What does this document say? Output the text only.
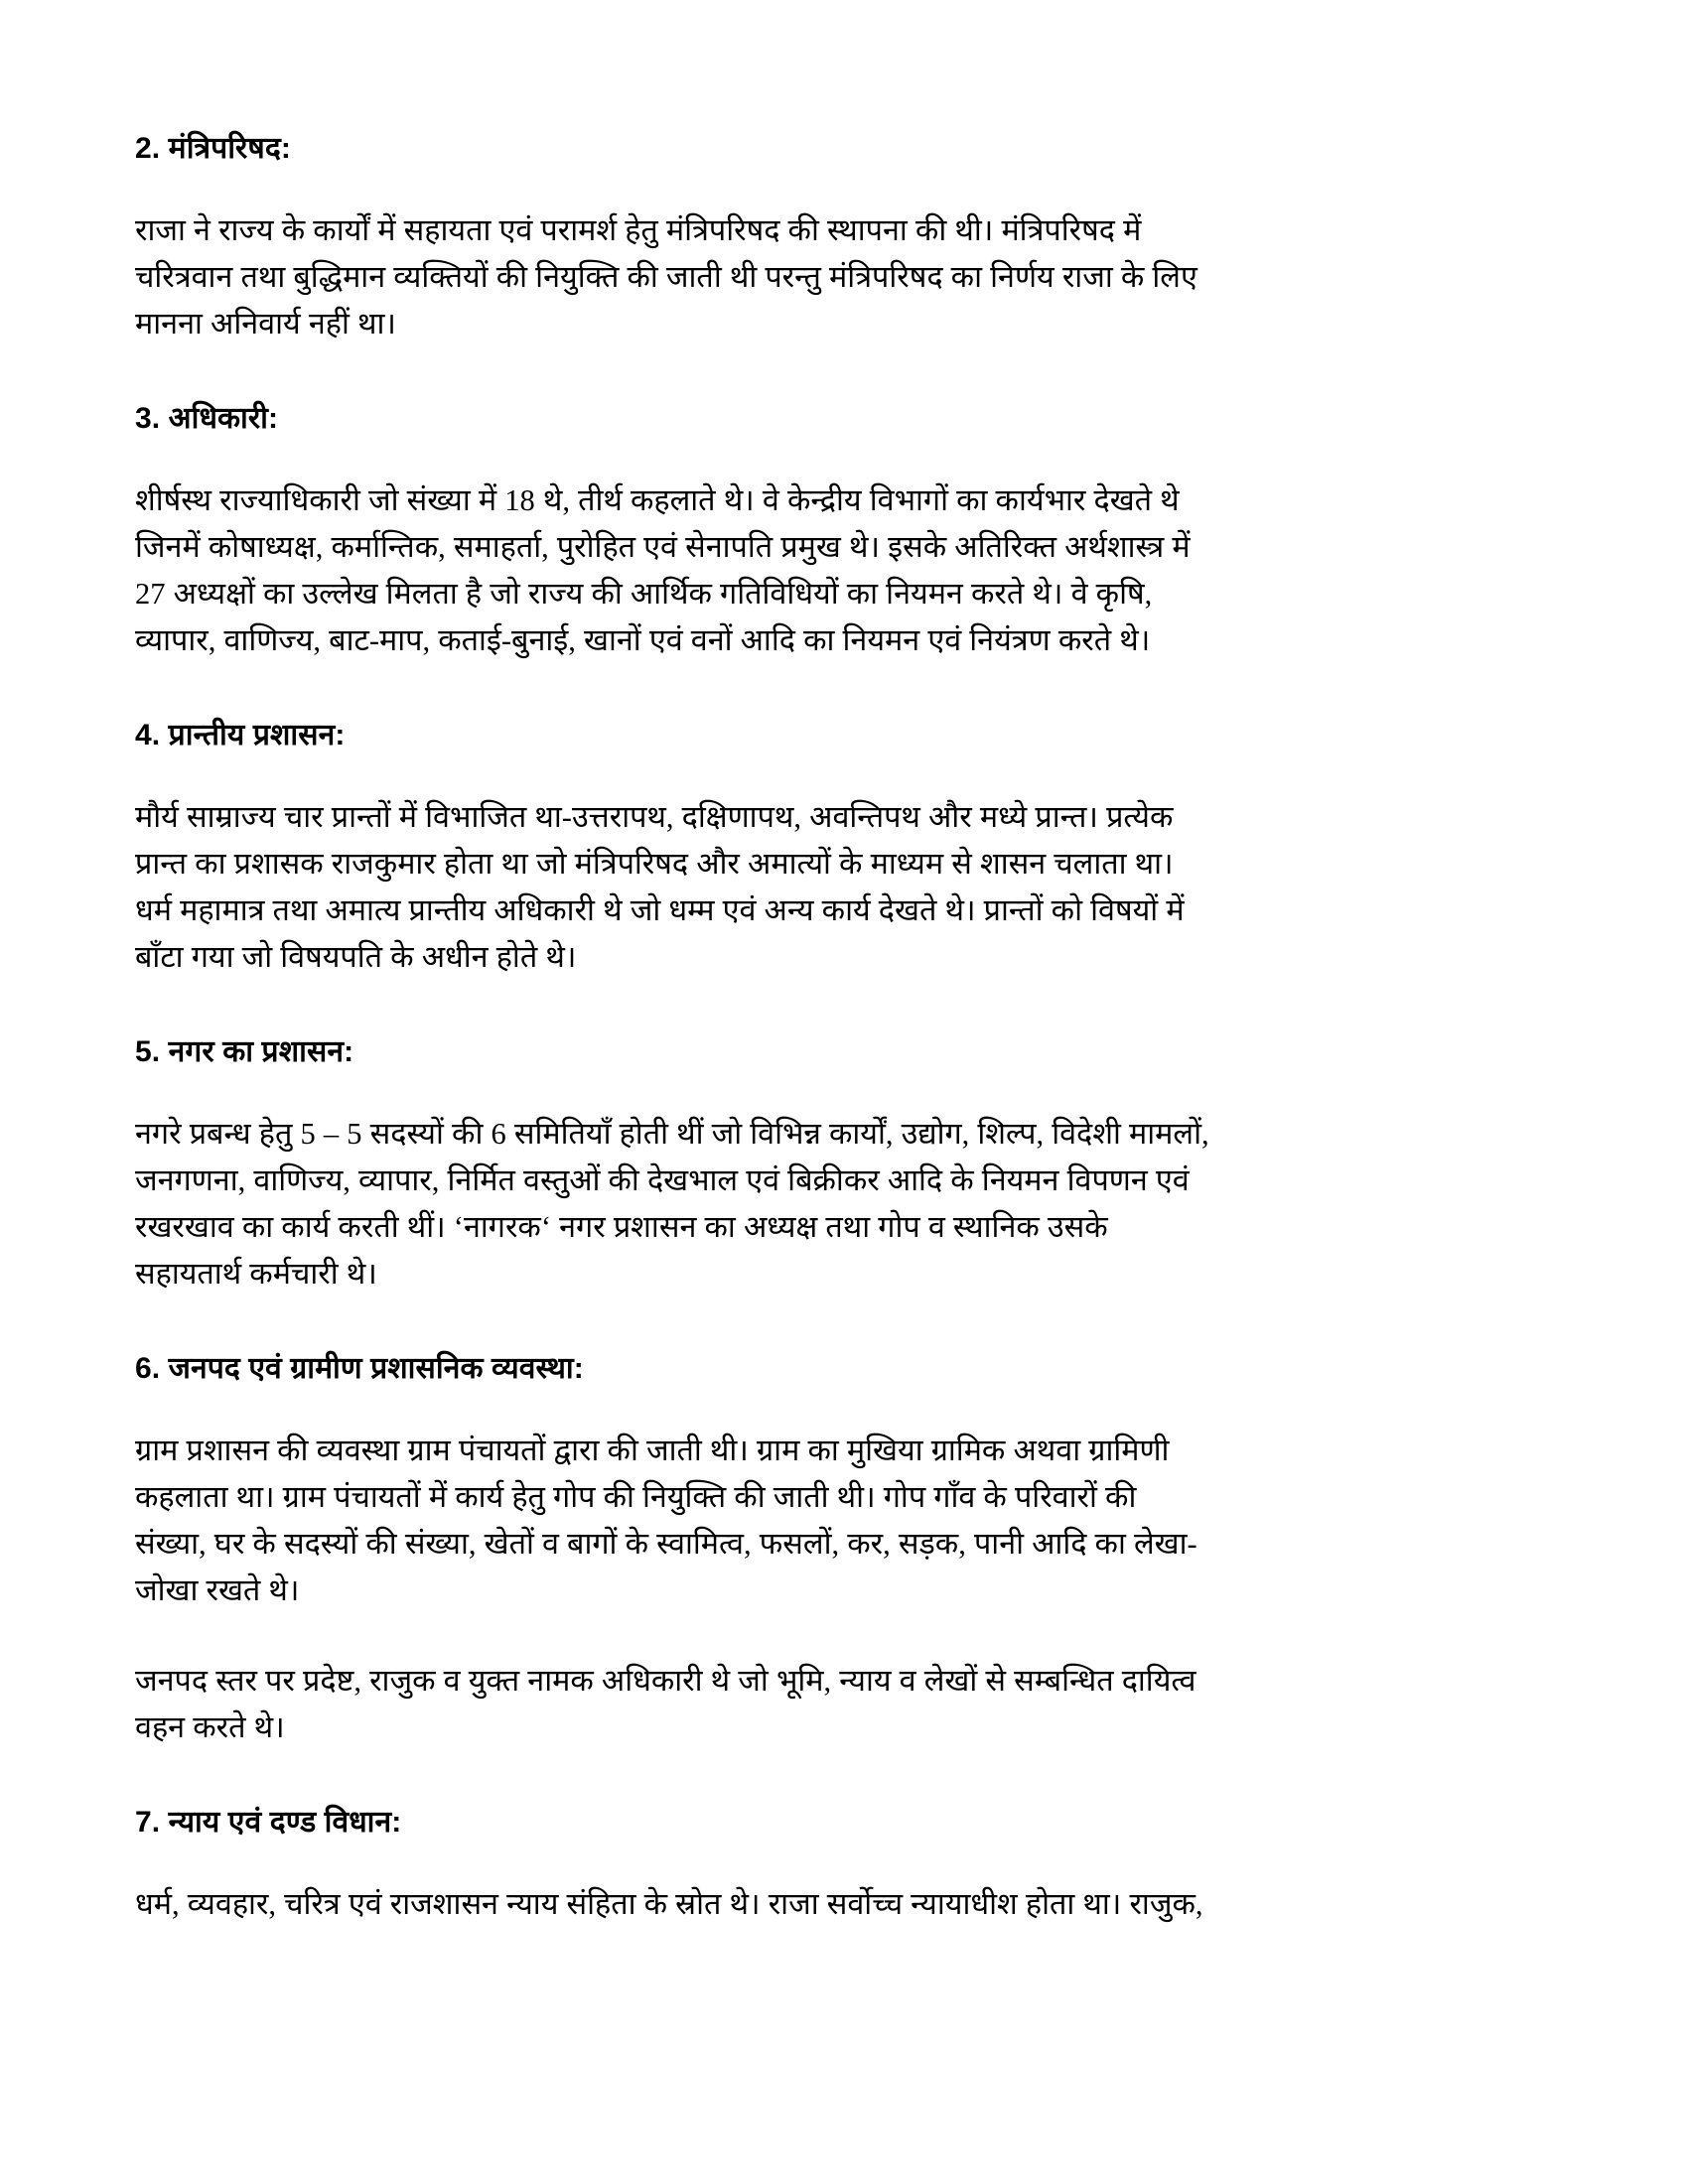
2. मंत्रिपरिषद:

राजा ने राज्य के कार्यों में सहायता एवं परामर्श हेतु मंत्रिपरिषद की स्थापना की थी। मंत्रिपरिषद में चरित्रवान तथा बुद्धिमान व्यक्तियों की नियुक्ति की जाती थी परन्तु मंत्रिपरिषद का निर्णय राजा के लिए मानना अनिवार्य नहीं था।

3. अधिकारी:

शीर्षस्थ राज्याधिकारी जो संख्या में 18 थे, तीर्थ कहलाते थे। वे केन्द्रीय विभागों का कार्यभार देखते थे जिनमें कोषाध्यक्ष, कर्मान्तिक, समाहर्ता, पुरोहित एवं सेनापति प्रमुख थे। इसके अतिरिक्त अर्थशास्त्र में 27 अध्यक्षों का उल्लेख मिलता है जो राज्य की आर्थिक गतिविधियों का नियमन करते थे। वे कृषि, व्यापार, वाणिज्य, बाट-माप, कताई-बुनाई, खानों एवं वनों आदि का नियमन एवं नियंत्रण करते थे।

4. प्रान्तीय प्रशासन:

मौर्य साम्राज्य चार प्रान्तों में विभाजित था-उत्तरापथ, दक्षिणापथ, अवन्तिपथ और मध्ये प्रान्त। प्रत्येक प्रान्त का प्रशासक राजकुमार होता था जो मंत्रिपरिषद और अमात्यों के माध्यम से शासन चलाता था। धर्म महामात्र तथा अमात्य प्रान्तीय अधिकारी थे जो धम्म एवं अन्य कार्य देखते थे। प्रान्तों को विषयों में बाँटा गया जो विषयपति के अधीन होते थे।

5. नगर का प्रशासन:

नगरे प्रबन्ध हेतु 5 – 5 सदस्यों की 6 समितियाँ होती थीं जो विभिन्न कार्यों, उद्योग, शिल्प, विदेशी मामलों, जनगणना, वाणिज्य, व्यापार, निर्मित वस्तुओं की देखभाल एवं बिक्रीकर आदि के नियमन विपणन एवं रखरखाव का कार्य करती थीं। ‘नागरक‘ नगर प्रशासन का अध्यक्ष तथा गोप व स्थानिक उसके सहायतार्थ कर्मचारी थे।

6. जनपद एवं ग्रामीण प्रशासनिक व्यवस्था:

ग्राम प्रशासन की व्यवस्था ग्राम पंचायतों द्वारा की जाती थी। ग्राम का मुखिया ग्रामिक अथवा ग्रामिणी कहलाता था। ग्राम पंचायतों में कार्य हेतु गोप की नियुक्ति की जाती थी। गोप गाँव के परिवारों की संख्या, घर के सदस्यों की संख्या, खेतों व बागों के स्वामित्व, फसलों, कर, सड़क, पानी आदि का लेखा-जोखा रखते थे।

जनपद स्तर पर प्रदेष्ट, राजुक व युक्त नामक अधिकारी थे जो भूमि, न्याय व लेखों से सम्बन्धित दायित्व वहन करते थे।

7. न्याय एवं दण्ड विधान:

धर्म, व्यवहार, चरित्र एवं राजशासन न्याय संहिता के स्रोत थे। राजा सर्वोच्च न्यायाधीश होता था। राजुक,
